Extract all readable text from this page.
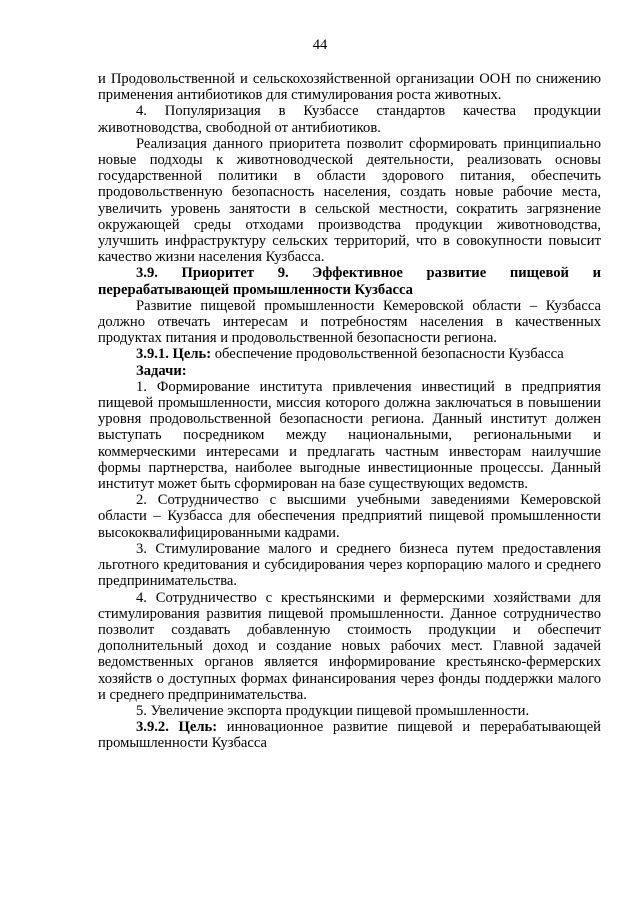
44

и Продовольственной и сельскохозяйственной организации ООН по снижению применения антибиотиков для стимулирования роста животных.

4. Популяризация в Кузбассе стандартов качества продукции животноводства, свободной от антибиотиков.

Реализация данного приоритета позволит сформировать принципиально новые подходы к животноводческой деятельности, реализовать основы государственной политики в области здорового питания, обеспечить продовольственную безопасность населения, создать новые рабочие места, увеличить уровень занятости в сельской местности, сократить загрязнение окружающей среды отходами производства продукции животноводства, улучшить инфраструктуру сельских территорий, что в совокупности повысит качество жизни населения Кузбасса.

3.9. Приоритет 9. Эффективное развитие пищевой и перерабатывающей промышленности Кузбасса

Развитие пищевой промышленности Кемеровской области – Кузбасса должно отвечать интересам и потребностям населения в качественных продуктах питания и продовольственной безопасности региона.

3.9.1. Цель: обеспечение продовольственной безопасности Кузбасса

Задачи:

1. Формирование института привлечения инвестиций в предприятия пищевой промышленности, миссия которого должна заключаться в повышении уровня продовольственной безопасности региона. Данный институт должен выступать посредником между национальными, региональными и коммерческими интересами и предлагать частным инвесторам наилучшие формы партнерства, наиболее выгодные инвестиционные процессы. Данный институт может быть сформирован на базе существующих ведомств.

2. Сотрудничество с высшими учебными заведениями Кемеровской области – Кузбасса для обеспечения предприятий пищевой промышленности высококвалифицированными кадрами.

3. Стимулирование малого и среднего бизнеса путем предоставления льготного кредитования и субсидирования через корпорацию малого и среднего предпринимательства.

4. Сотрудничество с крестьянскими и фермерскими хозяйствами для стимулирования развития пищевой промышленности. Данное сотрудничество позволит создавать добавленную стоимость продукции и обеспечит дополнительный доход и создание новых рабочих мест. Главной задачей ведомственных органов является информирование крестьянско-фермерских хозяйств о доступных формах финансирования через фонды поддержки малого и среднего предпринимательства.

5. Увеличение экспорта продукции пищевой промышленности.

3.9.2. Цель: инновационное развитие пищевой и перерабатывающей промышленности Кузбасса
